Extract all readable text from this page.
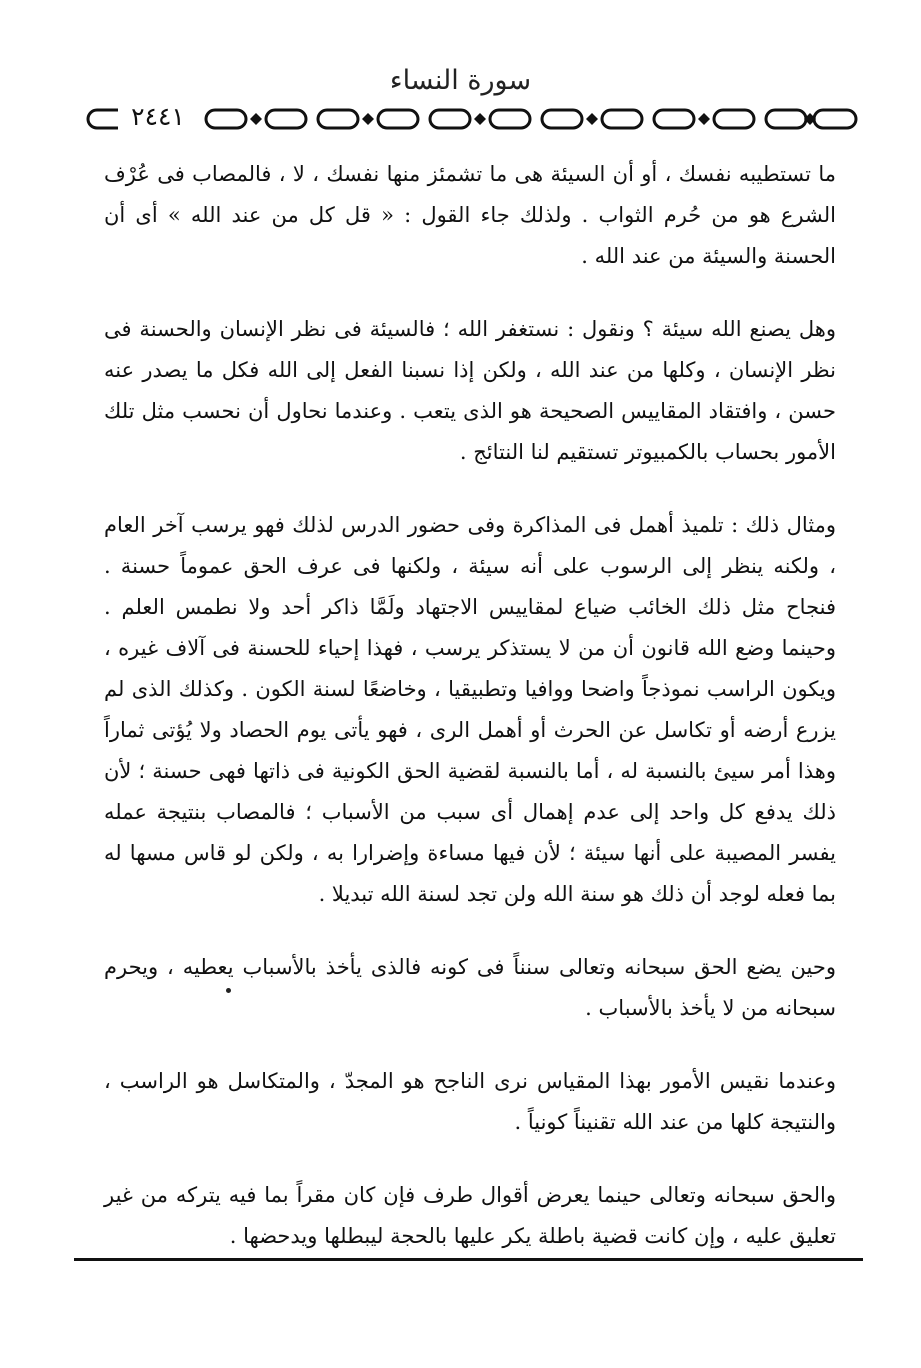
سورة النساء
٢٤٤١

ما تستطيبه نفسك ، أو أن السيئة هى ما تشمئز منها نفسك ، لا ، فالمصاب فى عُرْف الشرع هو من حُرم الثواب . ولذلك جاء القول : « قل كل من عند الله » أى أن الحسنة والسيئة من عند الله .

وهل يصنع الله سيئة ؟ ونقول : نستغفر الله ؛ فالسيئة فى نظر الإنسان والحسنة فى نظر الإنسان ، وكلها من عند الله ، ولكن إذا نسبنا الفعل إلى الله فكل ما يصدر عنه حسن ، وافتقاد المقاييس الصحيحة هو الذى يتعب . وعندما نحاول أن نحسب مثل تلك الأمور بحساب بالكمبيوتر تستقيم لنا النتائج .

ومثال ذلك : تلميذ أهمل فى المذاكرة وفى حضور الدرس لذلك فهو يرسب آخر العام ، ولكنه ينظر إلى الرسوب على أنه سيئة ، ولكنها فى عرف الحق عموماً حسنة . فنجاح مثل ذلك الخائب ضياع لمقاييس الاجتهاد ولَمَّا ذاكر أحد ولا نطمس العلم . وحينما وضع الله قانون أن من لا يستذكر يرسب ، فهذا إحياء للحسنة فى آلاف غيره ، ويكون الراسب نموذجاً واضحا ووافيا وتطبيقيا ، وخاضعًا لسنة الكون . وكذلك الذى لم يزرع أرضه أو تكاسل عن الحرث أو أهمل الرى ، فهو يأتى يوم الحصاد ولا يُؤتى ثماراً وهذا أمر سيئ بالنسبة له ، أما بالنسبة لقضية الحق الكونية فى ذاتها فهى حسنة ؛ لأن ذلك يدفع كل واحد إلى عدم إهمال أى سبب من الأسباب ؛ فالمصاب بنتيجة عمله يفسر المصيبة على أنها سيئة ؛ لأن فيها مساءة وإضرارا به ، ولكن لو قاس مسها له بما فعله لوجد أن ذلك هو سنة الله ولن تجد لسنة الله تبديلا .

وحين يضع الحق سبحانه وتعالى سنناً فى كونه فالذى يأخذ بالأسباب يعطيه ، ويحرم سبحانه من لا يأخذ بالأسباب .

وعندما نقيس الأمور بهذا المقياس نرى الناجح هو المجدّ ، والمتكاسل هو الراسب ، والنتيجة كلها من عند الله تقنيناً كونياً .

والحق سبحانه وتعالى حينما يعرض أقوال طرف فإن كان مقراً بما فيه يتركه من غير تعليق عليه ، وإن كانت قضية باطلة يكر عليها بالحجة ليبطلها ويدحضها .
